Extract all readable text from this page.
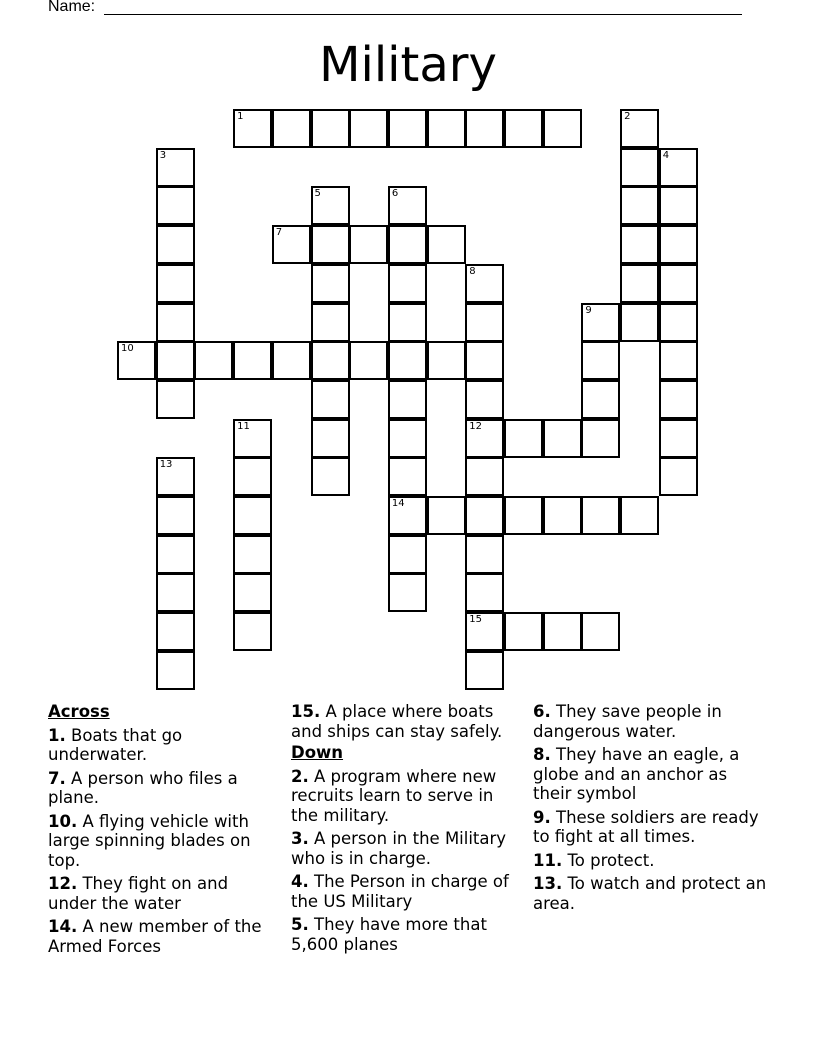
Name:
Military
1	2
3	4
5	6
14
7
8
12
15
9
10
11
13
Across
1. Boats that go underwater.
7. A person who files a plane.
10. A flying vehicle with large spinning blades on top.
12. They fight on and under the water
14. A new member of the Armed Forces
15. A place where boats and ships can stay safely.
Down
2. A program where new recruits learn to serve in the military.
3. A person in the Military who is in charge.
4. The Person in charge of the US Military
5. They have more that 5,600 planes
6. They save people in dangerous water.
8. They have an eagle, a globe and an anchor as their symbol
9. These soldiers are ready to fight at all times.
11. To protect.
13. To watch and protect an area.
